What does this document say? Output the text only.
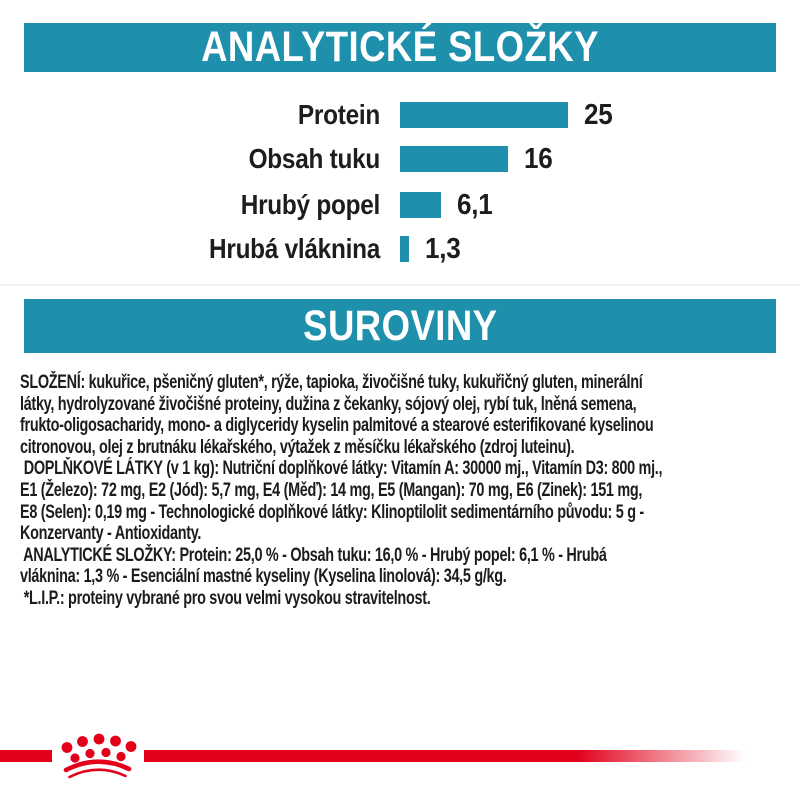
ANALYTICKÉ SLOŽKY
Protein	25
Obsah tuku	16
Hrubý popel	6,1
Hrubá vláknina 1,3
SUROVINY
SLOŽENÍ: kukuřice, pšeničný gluten*, rýže, tapioka, živočišné tuky, kukuřičný gluten, minerální
látky, hydrolyzované živočišné proteiny, dužina z čekanky, sójový olej, rybí tuk, lněná semena,
frukto-oligosacharidy, mono- a diglyceridy kyselin palmitové a stearové esterifikované kyselinou
citronovou, olej z brutnáku lékařského, výtažek z měsíčku lékařského (zdroj luteinu).
DOPLŇKOVÉ LÁTKY (v 1 kg): Nutriční doplňkové látky: Vitamín A: 30000 mj., Vitamín D3: 800 mj.,
E1 (Železo): 72 mg, E2 (Jód): 5,7 mg, E4 (Měď): 14 mg, E5 (Mangan): 70 mg, E6 (Zinek): 151 mg,
E8 (Selen): 0,19 mg - Technologické doplňkové látky: Klinoptilolit sedimentárního původu: 5 g -
Konzervanty - Antioxidanty.
ANALYTICKÉ SLOŽKY: Protein: 25,0 % - Obsah tuku: 16,0 % - Hrubý popel: 6,1 % - Hrubá
vláknina: 1,3 % - Esenciální mastné kyseliny (Kyselina linolová): 34,5 g/kg.
*L.I.P.: proteiny vybrané pro svou velmi vysokou stravitelnost.
